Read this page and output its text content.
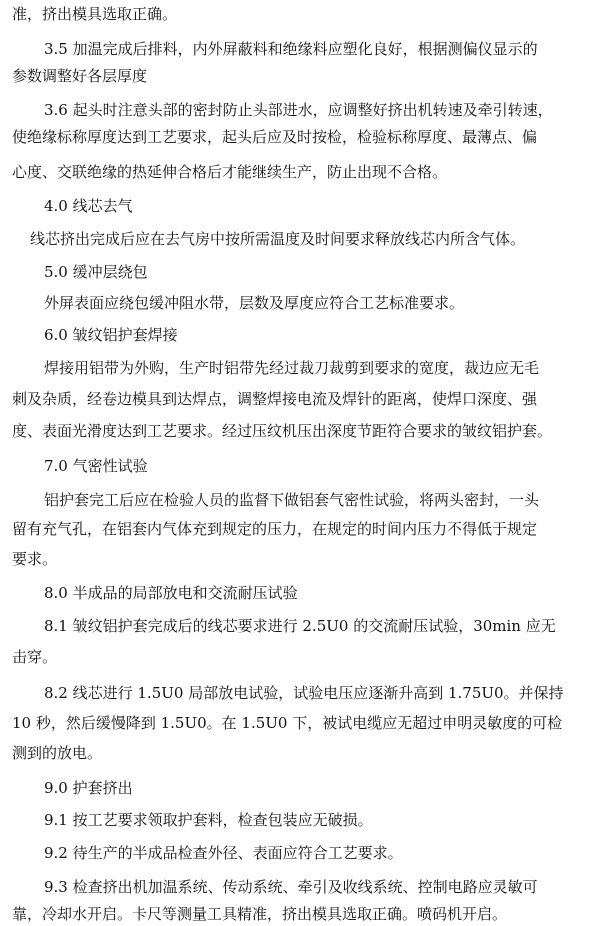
准，挤出模具选取正确。
3.5 加温完成后排料，内外屏蔽料和绝缘料应塑化良好，根据测偏仪显示的
参数调整好各层厚度
3.6 起头时注意头部的密封防止头部进水，应调整好挤出机转速及牵引转速，
使绝缘标称厚度达到工艺要求，起头后应及时按检，检验标称厚度、最薄点、偏
心度、交联绝缘的热延伸合格后才能继续生产，防止出现不合格。
4.0 线芯去气
线芯挤出完成后应在去气房中按所需温度及时间要求释放线芯内所含气体。
5.0 缓冲层绕包
外屏表面应绕包缓冲阻水带，层数及厚度应符合工艺标准要求。
6.0 皱纹铝护套焊接
焊接用铝带为外购，生产时铝带先经过裁刀裁剪到要求的宽度，裁边应无毛
刺及杂质，经卷边模具到达焊点，调整焊接电流及焊针的距离，使焊口深度、强
度、表面光滑度达到工艺要求。经过压纹机压出深度节距符合要求的皱纹铝护套。
7.0 气密性试验
铝护套完工后应在检验人员的监督下做铝套气密性试验，将两头密封，一头
留有充气孔，在铝套内气体充到规定的压力，在规定的时间内压力不得低于规定
要求。
8.0 半成品的局部放电和交流耐压试验
8.1 皱纹铝护套完成后的线芯要求进行 2.5U0 的交流耐压试验，30min 应无
击穿。
8.2 线芯进行 1.5U0 局部放电试验，试验电压应逐渐升高到 1.75U0。并保持
10 秒，然后缓慢降到 1.5U0。在 1.5U0 下，被试电缆应无超过申明灵敏度的可检
测到的放电。
9.0 护套挤出
9.1 按工艺要求领取护套料，检查包装应无破损。
9.2 待生产的半成品检查外径、表面应符合工艺要求。
9.3 检查挤出机加温系统、传动系统、牵引及收线系统、控制电路应灵敏可
靠，冷却水开启。卡尺等测量工具精准，挤出模具选取正确。喷码机开启。
